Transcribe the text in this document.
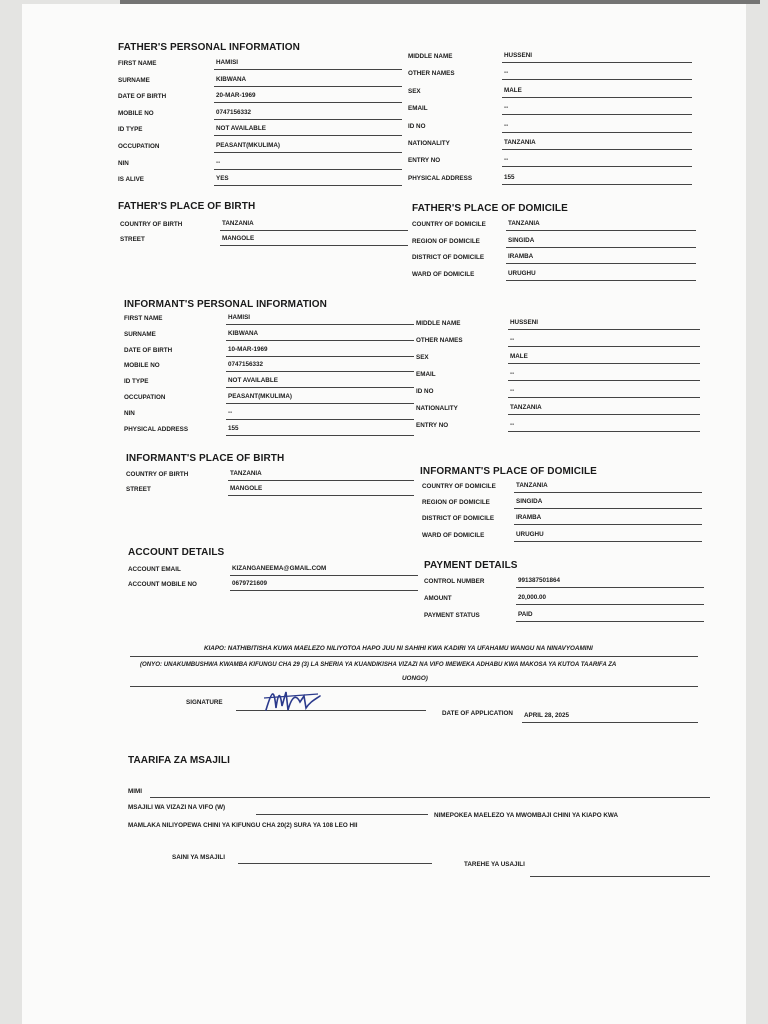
FATHER'S PERSONAL INFORMATION
FIRST NAME	HAMISI
SURNAME	KIBWANA
DATE OF BIRTH	20-MAR-1969
MOBILE NO	0747156332
ID TYPE	NOT AVAILABLE
OCCUPATION	PEASANT(MKULIMA)
NIN	--
IS ALIVE	YES
MIDDLE NAME	HUSSENI
OTHER NAMES	--
SEX	MALE
EMAIL	--
ID NO	--
NATIONALITY	TANZANIA
ENTRY NO	--
PHYSICAL ADDRESS	155
FATHER'S PLACE OF BIRTH
COUNTRY OF BIRTH	TANZANIA
STREET	MANGOLE
FATHER'S PLACE OF DOMICILE
COUNTRY OF DOMICILE	TANZANIA
REGION OF DOMICILE	SINGIDA
DISTRICT OF DOMICILE	IRAMBA
WARD OF DOMICILE	URUGHU
INFORMANT'S PERSONAL INFORMATION
FIRST NAME	HAMISI
SURNAME	KIBWANA
DATE OF BIRTH	10-MAR-1969
MOBILE NO	0747156332
ID TYPE	NOT AVAILABLE
OCCUPATION	PEASANT(MKULIMA)
NIN	--
PHYSICAL ADDRESS	155
MIDDLE NAME	HUSSENI
OTHER NAMES	--
SEX	MALE
EMAIL	--
ID NO	--
NATIONALITY	TANZANIA
ENTRY NO	--
INFORMANT'S PLACE OF BIRTH
COUNTRY OF BIRTH	TANZANIA
STREET	MANGOLE
INFORMANT'S PLACE OF DOMICILE
COUNTRY OF DOMICILE	TANZANIA
REGION OF DOMICILE	SINGIDA
DISTRICT OF DOMICILE	IRAMBA
WARD OF DOMICILE	URUGHU
ACCOUNT DETAILS
ACCOUNT EMAIL	KIZANGANEEMA@GMAIL.COM
ACCOUNT MOBILE NO	0679721609
PAYMENT DETAILS
CONTROL NUMBER	991387501864
AMOUNT	20,000.00
PAYMENT STATUS	PAID
KIAPO: NATHIBITISHA KUWA MAELEZO NILIYOTOA HAPO JUU NI SAHIHI KWA KADIRI YA UFAHAMU WANGU NA NINAVYOAMINI
(ONYO: UNAKUMBUSHWA KWAMBA KIFUNGU CHA 29 (3) LA SHERIA YA KUANDIKISHA VIZAZI NA VIFO IMEWEKA ADHABU KWA MAKOSA YA KUTOA TAARIFA ZA
UONGO)
SIGNATURE
DATE OF APPLICATION APRIL 28, 2025
TAARIFA ZA MSAJILI
MIMI
MSAJILI WA VIZAZI NA VIFO (W)
NIMEPOKEA MAELEZO YA MWOMBAJI CHINI YA KIAPO KWA
MAMLAKA NILIYOPEWA CHINI YA KIFUNGU CHA 20(2) SURA YA 108 LEO HII
SAINI YA MSAJILI
TAREHE YA USAJILI
